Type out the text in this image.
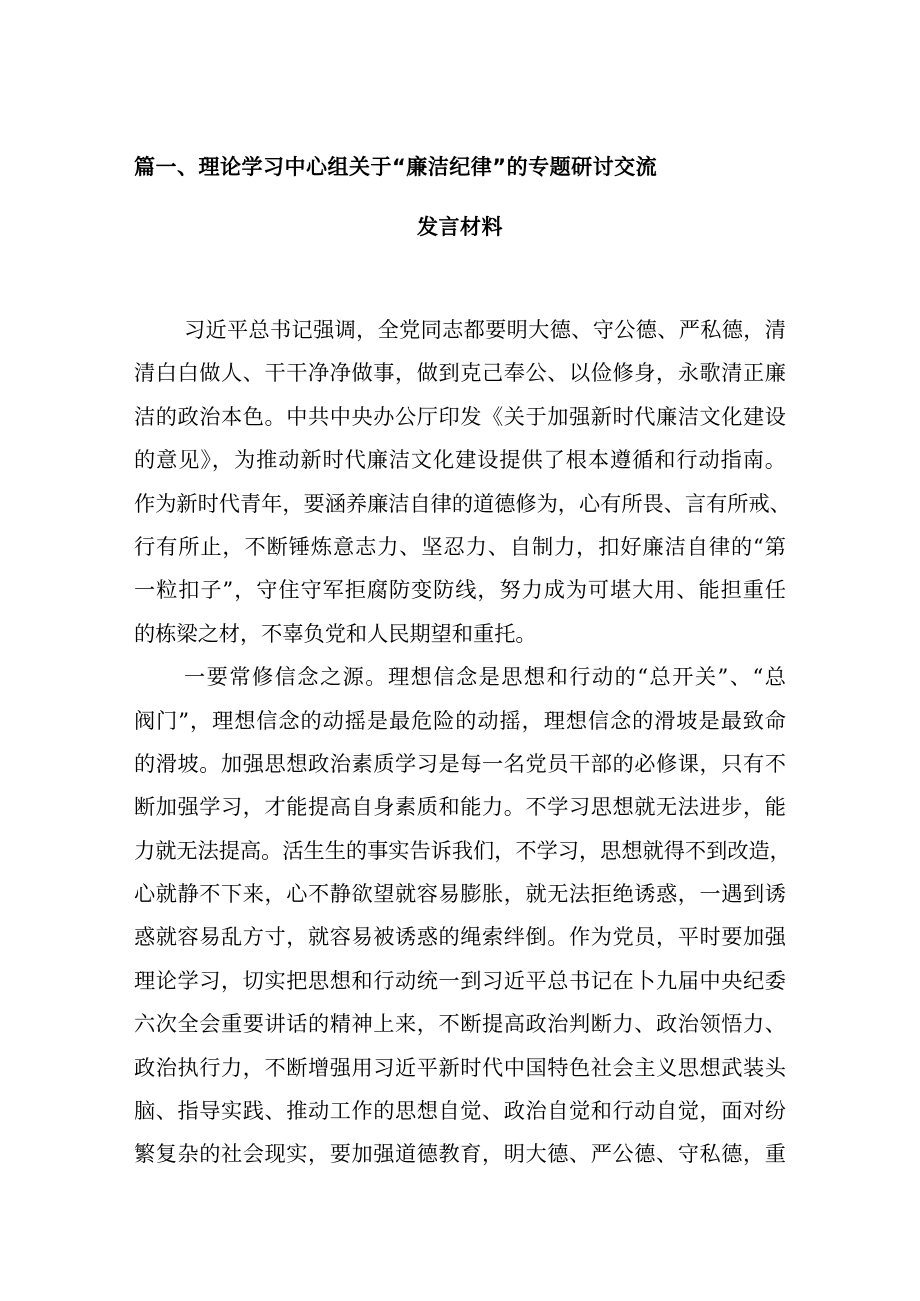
篇一、理论学习中心组关于“廉洁纪律”的专题研讨交流
发言材料
习近平总书记强调，全党同志都要明大德、守公德、严私德，清
清白白做人、干干净净做事，做到克己奉公、以俭修身，永歌清正廉
洁的政治本色。中共中央办公厅印发《关于加强新时代廉洁文化建设
的意见》，为推动新时代廉洁文化建设提供了根本遵循和行动指南。
作为新时代青年，要涵养廉洁自律的道德修为，心有所畏、言有所戒、
行有所止，不断锤炼意志力、坚忍力、自制力，扣好廉洁自律的“第
一粒扣子”，守住守军拒腐防变防线，努力成为可堪大用、能担重任
的栋梁之材，不辜负党和人民期望和重托。
一要常修信念之源。理想信念是思想和行动的“总开关”、“总
阀门”，理想信念的动摇是最危险的动摇，理想信念的滑坡是最致命
的滑坡。加强思想政治素质学习是每一名党员干部的必修课，只有不
断加强学习，才能提高自身素质和能力。不学习思想就无法进步，能
力就无法提高。活生生的事实告诉我们，不学习，思想就得不到改造，
心就静不下来，心不静欲望就容易膨胀，就无法拒绝诱惑，一遇到诱
惑就容易乱方寸，就容易被诱惑的绳索绊倒。作为党员，平时要加强
理论学习，切实把思想和行动统一到习近平总书记在卜九届中央纪委
六次全会重要讲话的精神上来，不断提高政治判断力、政治领悟力、
政治执行力，不断增强用习近平新时代中国特色社会主义思想武装头
脑、指导实践、推动工作的思想自觉、政治自觉和行动自觉，面对纷
繁复杂的社会现实，要加强道德教育，明大德、严公德、守私德，重
